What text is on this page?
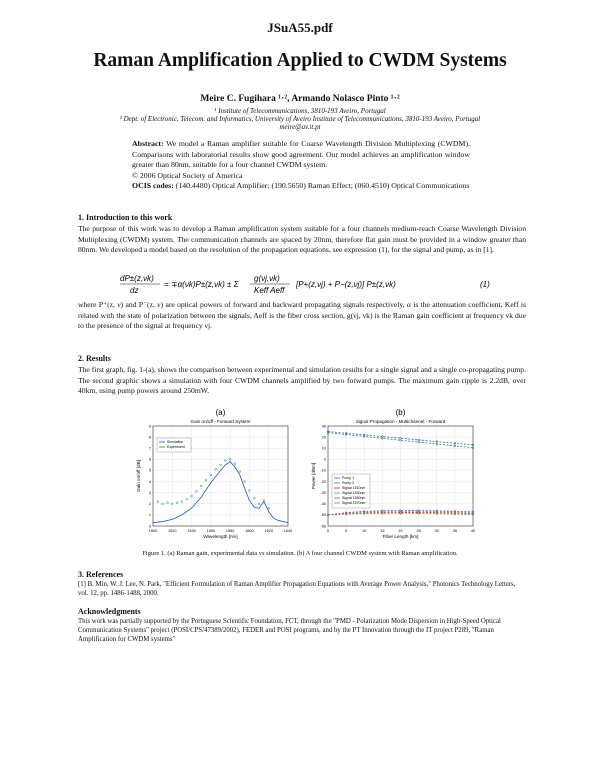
JSuA55.pdf
Raman Amplification Applied to CWDM Systems
Meire C. Fugihara ¹·², Armando Nolasco Pinto ¹·²
¹ Institute of Telecommunications, 3810-193 Aveiro, Portugal
² Dept. of Electronic, Telecom. and Informatics, University of Aveiro Institute of Telecommunications, 3810-193 Aveiro, Portugal
meire@av.it.pt
Abstract: We model a Raman amplifier suitable for Coarse Wavelength Division Multiplexing (CWDM). Comparisons with laboratorial results show good agreement. Our model achieves an amplification window greater than 80nm, suitable for a four channel CWDM system.
© 2006 Optical Society of America
OCIS codes: (140.4480) Optical Amplifier; (190.5650) Raman Effect; (060.4510) Optical Communications
1. Introduction to this work
The purpose of this work was to develop a Raman amplification system suitable for a four channels medium-reach Coarse Wavelength Division Multiplexing (CWDM) system. The communication channels are spaced by 20nm, therefore flat gain must be provided in a window greater than 80nm. We developed a model based on the resolution of the propagation equations, see expression (1), for the signal and pump, as in [1].
dP±(z,νk)
dz
= ∓α(νk)P±(z,νk) ± Σ
g(νj,νk)
Keff Aeff
[P+(z,νj) + P−(z,νj)] P±(z,νk)	(1)
where P⁺(z, ν) and P⁻(z, ν) are optical powers of forward and backward propagating signals respectively, α is the attenuation coefficient, Keff is related with the state of polarization between the signals, Aeff is the fiber cross section, g(νj, νk) is the Raman gain coefficient at frequency νk due to the presence of the signal at frequency νj.
2. Results
The first graph, fig. 1-(a), shows the comparison between experimental and simulation results for a single signal and a single co-propagating pump. The second graphic shows a simulation with four CWDM channels amplified by two forward pumps. The maximum gain ripple is 2.2dB, over 40km, using pump powers around 250mW.
(a)
Gain on/off - Forward System
1500	1520	1540	1560	1580	1600	1620	1640
0
1
2
3
4
5
6
7
8
9
Wavelength [nm]
Gain on/off [dB]
Simulation
Experiment
(b)
Signal Propagation - Multichannel - Forward
0	5	10	15	20	25	30	35	40
-60
-50
-40
-30
-20
-10
0
10
20
30
Fiber Length [km]
Power [dBm]	Pump 1
Pump 2
Signal 1510nm
Signal 1530nm
Signal 1550nm
Signal 1570nm
Figure 1. (a) Raman gain, experimental data vs simulation. (b) A four channel CWDM system with Raman amplification.
3. References
[1] B. Min, W. J. Lee, N. Park, "Efficient Formulation of Raman Amplifier Propagation Equations with Average Power Analysis," Photonics Technology Letters, vol. 12, pp. 1486-1488, 2000.
Acknowledgments
This work was partially supported by the Portuguese Scientific Foundation, FCT, through the "PMD - Polarization Mode Dispersion in High-Speed Optical Communication Systems" project (POSI/CPS/47389/2002), FEDER and POSI programs, and by the PT Innovation through the IT project P289, "Raman Amplification for CWDM systems"
